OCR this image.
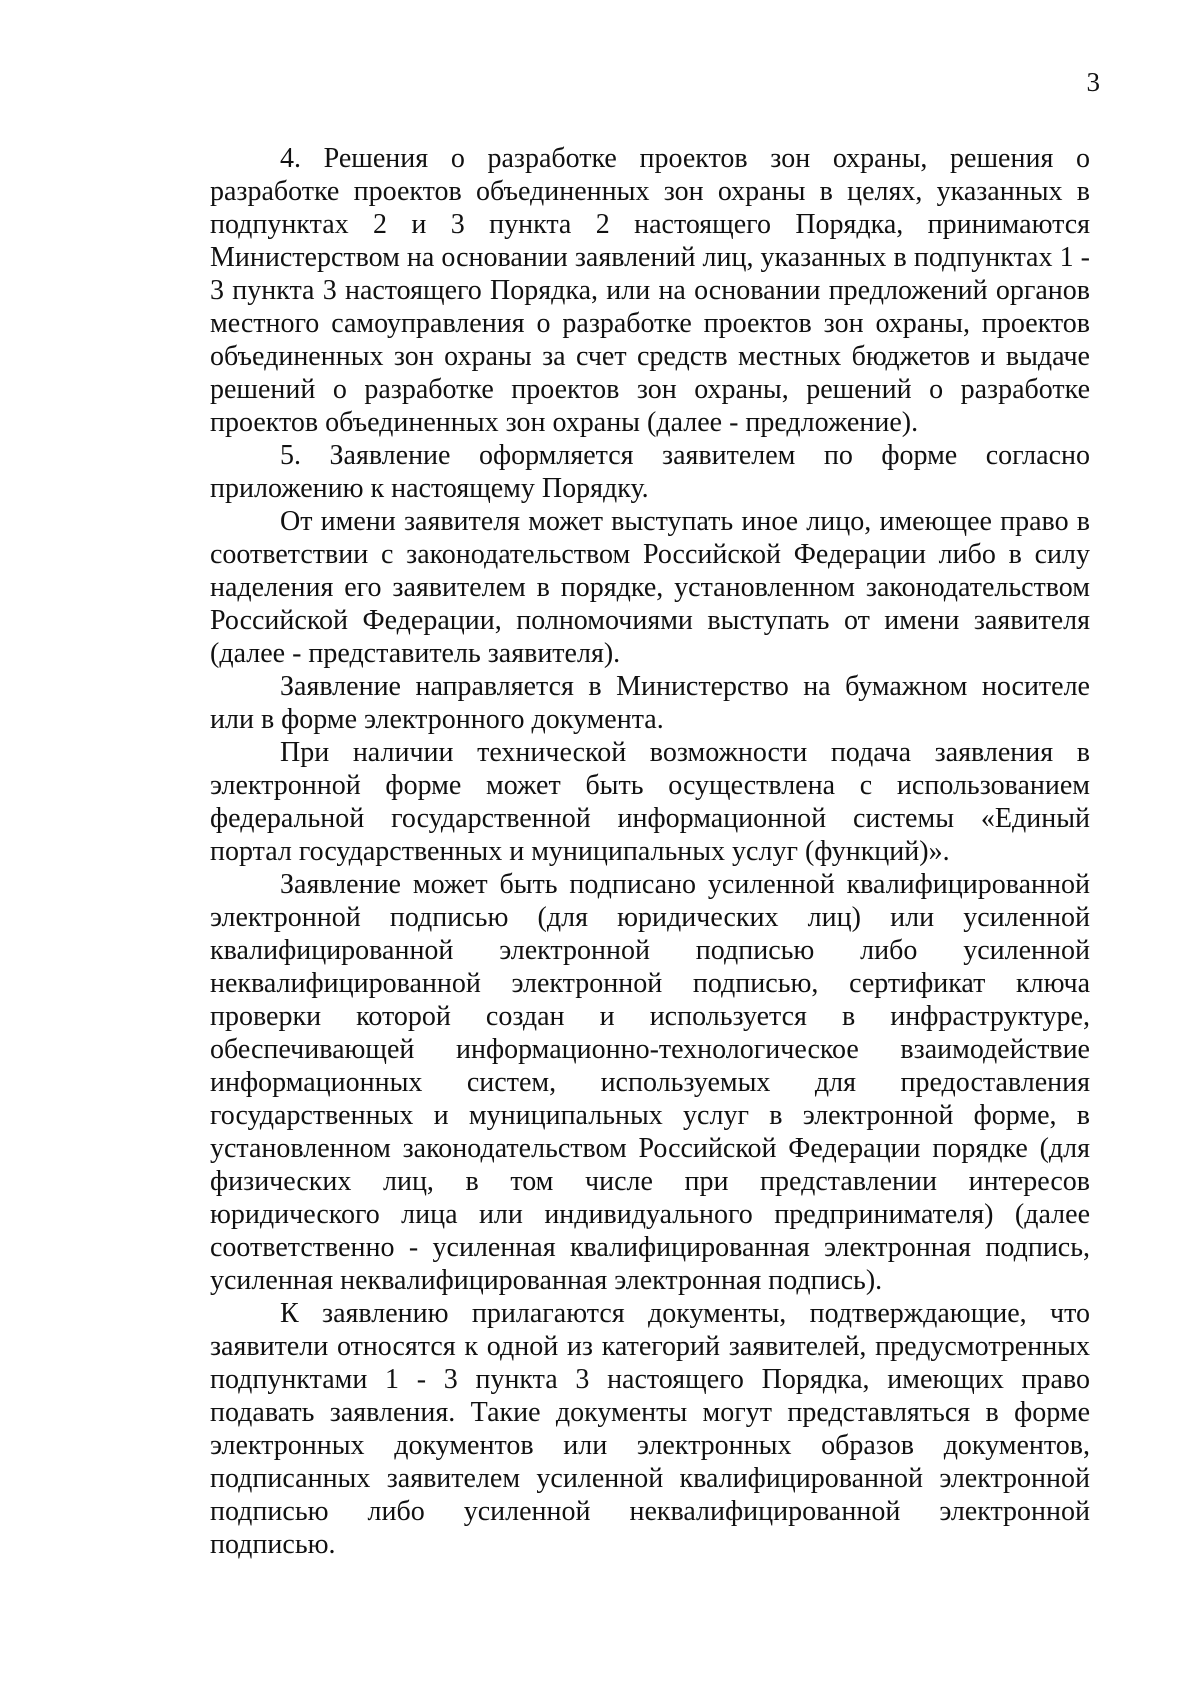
3

4. Решения о разработке проектов зон охраны, решения о разработке проектов объединенных зон охраны в целях, указанных в подпунктах 2 и 3 пункта 2 настоящего Порядка, принимаются Министерством на основании заявлений лиц, указанных в подпунктах 1 - 3 пункта 3 настоящего Порядка, или на основании предложений органов местного самоуправления о разработке проектов зон охраны, проектов объединенных зон охраны за счет средств местных бюджетов и выдаче решений о разработке проектов зон охраны, решений о разработке проектов объединенных зон охраны (далее - предложение).

5. Заявление оформляется заявителем по форме согласно приложению к настоящему Порядку.

От имени заявителя может выступать иное лицо, имеющее право в соответствии с законодательством Российской Федерации либо в силу наделения его заявителем в порядке, установленном законодательством Российской Федерации, полномочиями выступать от имени заявителя (далее - представитель заявителя).

Заявление направляется в Министерство на бумажном носителе или в форме электронного документа.

При наличии технической возможности подача заявления в электронной форме может быть осуществлена с использованием федеральной государственной информационной системы «Единый портал государственных и муниципальных услуг (функций)».

Заявление может быть подписано усиленной квалифицированной электронной подписью (для юридических лиц) или усиленной квалифицированной электронной подписью либо усиленной неквалифицированной электронной подписью, сертификат ключа проверки которой создан и используется в инфраструктуре, обеспечивающей информационно-технологическое взаимодействие информационных систем, используемых для предоставления государственных и муниципальных услуг в электронной форме, в установленном законодательством Российской Федерации порядке (для физических лиц, в том числе при представлении интересов юридического лица или индивидуального предпринимателя) (далее соответственно - усиленная квалифицированная электронная подпись, усиленная неквалифицированная электронная подпись).

К заявлению прилагаются документы, подтверждающие, что заявители относятся к одной из категорий заявителей, предусмотренных подпунктами 1 - 3 пункта 3 настоящего Порядка, имеющих право подавать заявления. Такие документы могут представляться в форме электронных документов или электронных образов документов, подписанных заявителем усиленной квалифицированной электронной подписью либо усиленной неквалифицированной электронной подписью.
